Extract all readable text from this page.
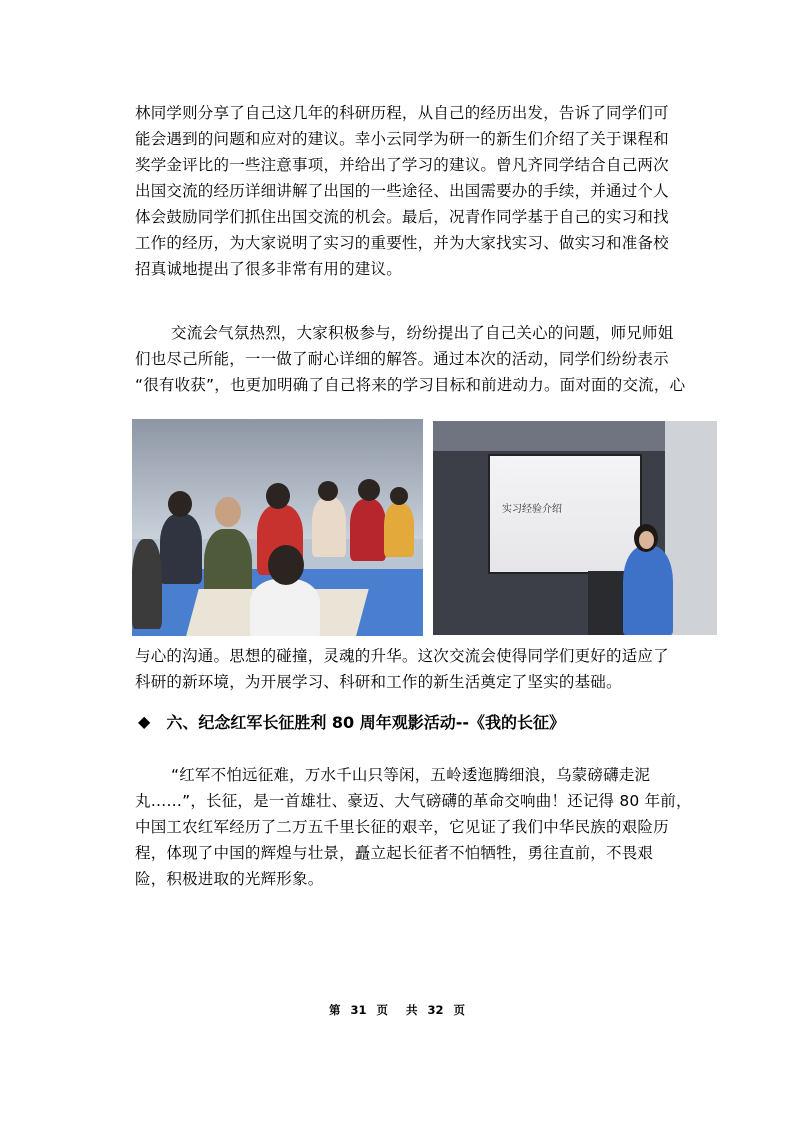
林同学则分享了自己这几年的科研历程，从自己的经历出发，告诉了同学们可
能会遇到的问题和应对的建议。幸小云同学为研一的新生们介绍了关于课程和
奖学金评比的一些注意事项，并给出了学习的建议。曾凡齐同学结合自己两次
出国交流的经历详细讲解了出国的一些途径、出国需要办的手续，并通过个人
体会鼓励同学们抓住出国交流的机会。最后，况青作同学基于自己的实习和找
工作的经历，为大家说明了实习的重要性，并为大家找实习、做实习和准备校
招真诚地提出了很多非常有用的建议。
交流会气氛热烈，大家积极参与，纷纷提出了自己关心的问题，师兄师姐
们也尽己所能，一一做了耐心详细的解答。通过本次的活动，同学们纷纷表示
“很有收获”，也更加明确了自己将来的学习目标和前进动力。面对面的交流，心
实习经验介绍
与心的沟通。思想的碰撞，灵魂的升华。这次交流会使得同学们更好的适应了
科研的新环境，为开展学习、科研和工作的新生活奠定了坚实的基础。
◆ 六、纪念红军长征胜利 80 周年观影活动--《我的长征》
“红军不怕远征难，万水千山只等闲，五岭逶迤腾细浪，乌蒙磅礴走泥
丸……”，长征，是一首雄壮、豪迈、大气磅礴的革命交响曲！还记得 80 年前，
中国工农红军经历了二万五千里长征的艰辛，它见证了我们中华民族的艰险历
程，体现了中国的辉煌与壮景，矗立起长征者不怕牺牲，勇往直前，不畏艰
险，积极进取的光辉形象。
第 31 页 共 32 页
